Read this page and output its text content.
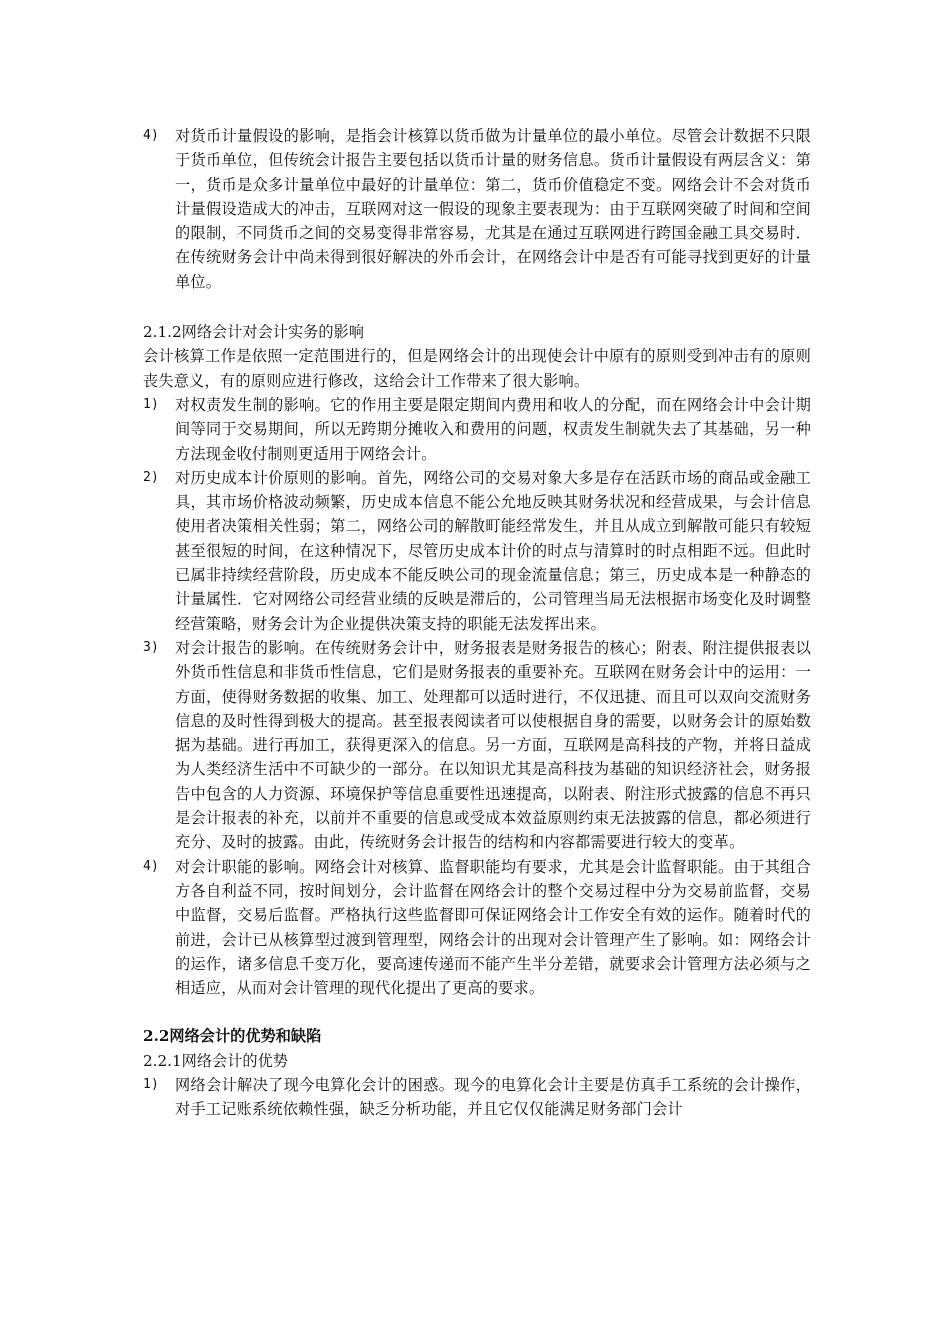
4) 对货币计量假设的影响，是指会计核算以货币做为计量单位的最小单位。尽管会计数据不只限于货币单位，但传统会计报告主要包括以货币计量的财务信息。货币计量假设有两层含义：第一，货币是众多计量单位中最好的计量单位：第二，货币价值稳定不变。网络会计不会对货币计量假设造成大的冲击，互联网对这一假设的现象主要表现为：由于互联网突破了时间和空间的限制，不同货币之间的交易变得非常容易，尤其是在通过互联网进行跨国金融工具交易时．在传统财务会计中尚未得到很好解决的外币会计，在网络会计中是否有可能寻找到更好的计量单位。
2.1.2网络会计对会计实务的影响
会计核算工作是依照一定范围进行的，但是网络会计的出现使会计中原有的原则受到冲击有的原则丧失意义，有的原则应进行修改，这给会计工作带来了很大影响。
1) 对权责发生制的影响。它的作用主要是限定期间内费用和收人的分配，而在网络会计中会计期间等同于交易期间，所以无跨期分摊收入和费用的问题，权责发生制就失去了其基础，另一种方法现金收付制则更适用于网络会计。
2) 对历史成本计价原则的影响。首先，网络公司的交易对象大多是存在活跃市场的商品或金融工具，其市场价格波动频繁，历史成本信息不能公允地反映其财务状况和经营成果，与会计信息使用者决策相关性弱；第二，网络公司的解散町能经常发生，并且从成立到解散可能只有较短甚至很短的时间，在这种情况下，尽管历史成本计价的时点与清算时的时点相距不远。但此时已属非持续经营阶段，历史成本不能反映公司的现金流量信息；第三，历史成本是一种静态的计量属性．它对网络公司经营业绩的反映是滞后的，公司管理当局无法根据市场变化及时调整经营策略，财务会计为企业提供决策支持的职能无法发挥出来。
3) 对会计报告的影响。在传统财务会计中，财务报表是财务报告的核心；附表、附注提供报表以外货币性信息和非货币性信息，它们是财务报表的重要补充。互联网在财务会计中的运用：一方面，使得财务数据的收集、加工、处理都可以适时进行，不仅迅捷、而且可以双向交流财务信息的及时性得到极大的提高。甚至报表阅读者可以使根据自身的需要，以财务会计的原始数据为基础。进行再加工，获得更深入的信息。另一方面，互联网是高科技的产物，并将日益成为人类经济生活中不可缺少的一部分。在以知识尤其是高科技为基础的知识经济社会，财务报告中包含的人力资源、环境保护等信息重要性迅速提高，以附表、附注形式披露的信息不再只是会计报表的补充，以前并不重要的信息或受成本效益原则约束无法披露的信息，都必须进行充分、及时的披露。由此，传统财务会计报告的结构和内容都需要进行较大的变革。
4) 对会计职能的影响。网络会计对核算、监督职能均有要求，尤其是会计监督职能。由于其组合方各自利益不同，按时间划分，会计监督在网络会计的整个交易过程中分为交易前监督，交易中监督，交易后监督。严格执行这些监督即可保证网络会计工作安全有效的运作。随着时代的前进，会计已从核算型过渡到管理型，网络会计的出现对会计管理产生了影响。如：网络会计的运作，诸多信息千变万化，要高速传递而不能产生半分差错，就要求会计管理方法必须与之相适应，从而对会计管理的现代化提出了更高的要求。
2.2网络会计的优势和缺陷
2.2.1网络会计的优势
1) 网络会计解决了现今电算化会计的困惑。现今的电算化会计主要是仿真手工系统的会计操作，对手工记账系统依赖性强，缺乏分析功能，并且它仅仅能满足财务部门会计
